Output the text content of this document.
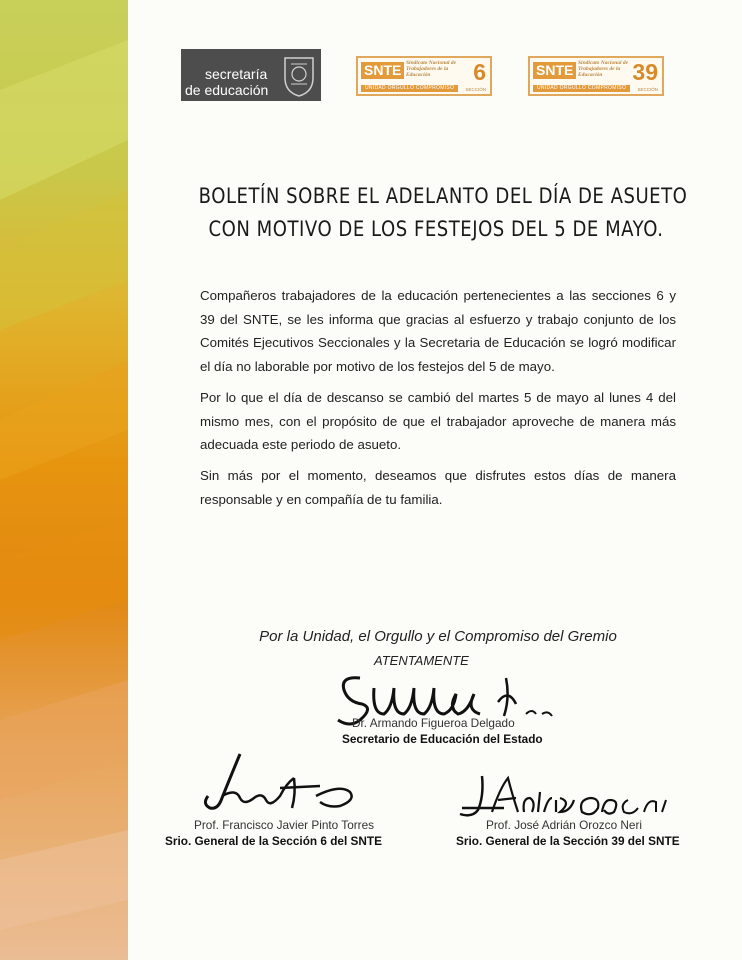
secretaría
de educación
SNTE Sindicato Nacional de Trabajadores de la Educación
UNIDAD ORGULLO COMPROMISO
6
SECCIÓN
SNTE Sindicato Nacional de Trabajadores de la Educación
UNIDAD ORGULLO COMPROMISO
39
SECCIÓN
BOLETÍN SOBRE EL ADELANTO DEL DÍA DE ASUETO
CON MOTIVO DE LOS FESTEJOS DEL 5 DE MAYO.
Compañeros trabajadores de la educación pertenecientes a las secciones 6 y 39 del SNTE, se les informa que gracias al esfuerzo y trabajo conjunto de los Comités Ejecutivos Seccionales y la Secretaria de Educación se logró modificar el día no laborable por motivo de los festejos del 5 de mayo.
Por lo que el día de descanso se cambió del martes 5 de mayo al lunes 4 del mismo mes, con el propósito de que el trabajador aproveche de manera más adecuada este periodo de asueto.
Sin más por el momento, deseamos que disfrutes estos días de manera responsable y en compañía de tu familia.
Por la Unidad, el Orgullo y el Compromiso del Gremio
ATENTAMENTE
Dr. Armando Figueroa Delgado
Secretario de Educación del Estado
Prof. Francisco Javier Pinto Torres
Srio. General de la Sección 6 del SNTE
Prof. José Adrián Orozco Neri
Srio. General de la Sección 39 del SNTE
